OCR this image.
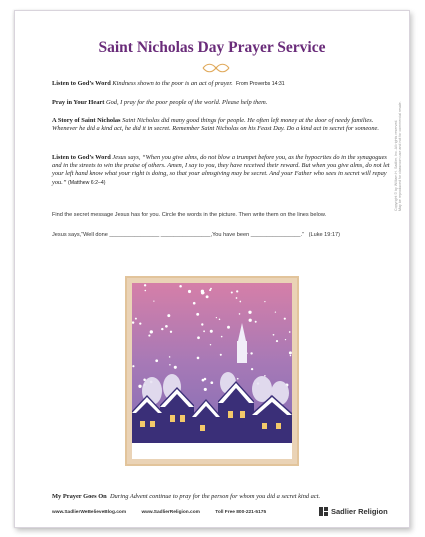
Saint Nicholas Day Prayer Service
Listen to God’s Word Kindness shown to the poor is an act of prayer. From Proverbs 14:31
Pray in Your Heart God, I pray for the poor people of the world. Please help them.
A Story of Saint Nicholas Saint Nicholas did many good things for people. He often left money at the door of needy families. Whenever he did a kind act, he did it in secret. Remember Saint Nicholas on his Feast Day. Do a kind act in secret for someone.
Listen to God’s Word Jesus says, “When you give alms, do not blow a trumpet before you, as the hypocrites do in the synagogues and in the streets to win the praise of others. Amen, I say to you, they have received their reward. But when you give alms, do not let your left hand know what your right is doing, so that your almsgiving may be secret. And your Father who sees in secret will repay you.” (Matthew 6:2–4)
Find the secret message Jesus has for you. Circle the words in the picture. Then write them on the lines below.
Jesus says,“Well done ________________ ________________,You have been ________________.” (Luke 19:17)
Copyright © by William H. Sadlier, Inc. All rights reserved. May be reproduced for classroom use and not for commercial resale.
My Prayer Goes On During Advent continue to pray for the person for whom you did a secret kind act.
www.SadlierWeBelieveBlog.com	www.SadlierReligion.com	Toll Free 800-221-5175	Sadlier Religion
